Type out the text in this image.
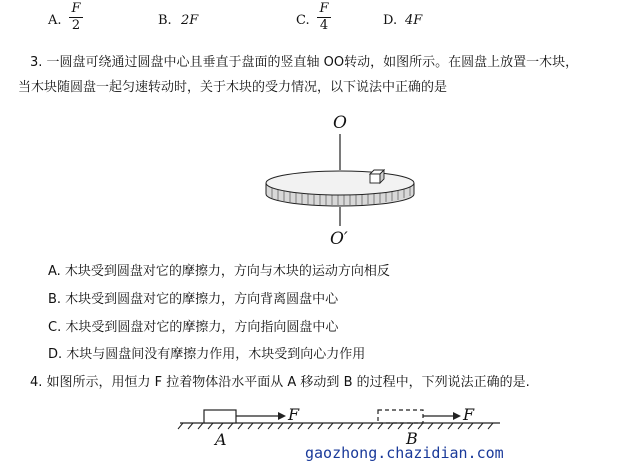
A.
F
2	B. 2F	C.
F
4	D. 4F
3. 一圆盘可绕通过圆盘中心且垂直于盘面的竖直轴 OO转动，如图所示。在圆盘上放置一木块，
当木块随圆盘一起匀速转动时，关于木块的受力情况，以下说法中正确的是
O
O′
A. 木块受到圆盘对它的摩擦力，方向与木块的运动方向相反
B. 木块受到圆盘对它的摩擦力，方向背离圆盘中心
C. 木块受到圆盘对它的摩擦力，方向指向圆盘中心
D. 木块与圆盘间没有摩擦力作用，木块受到向心力作用
4. 如图所示，用恒力 F 拉着物体沿水平面从 A 移动到 B 的过程中，下列说法正确的是.
F	F
A	B
gaozhong.chazidian.com
